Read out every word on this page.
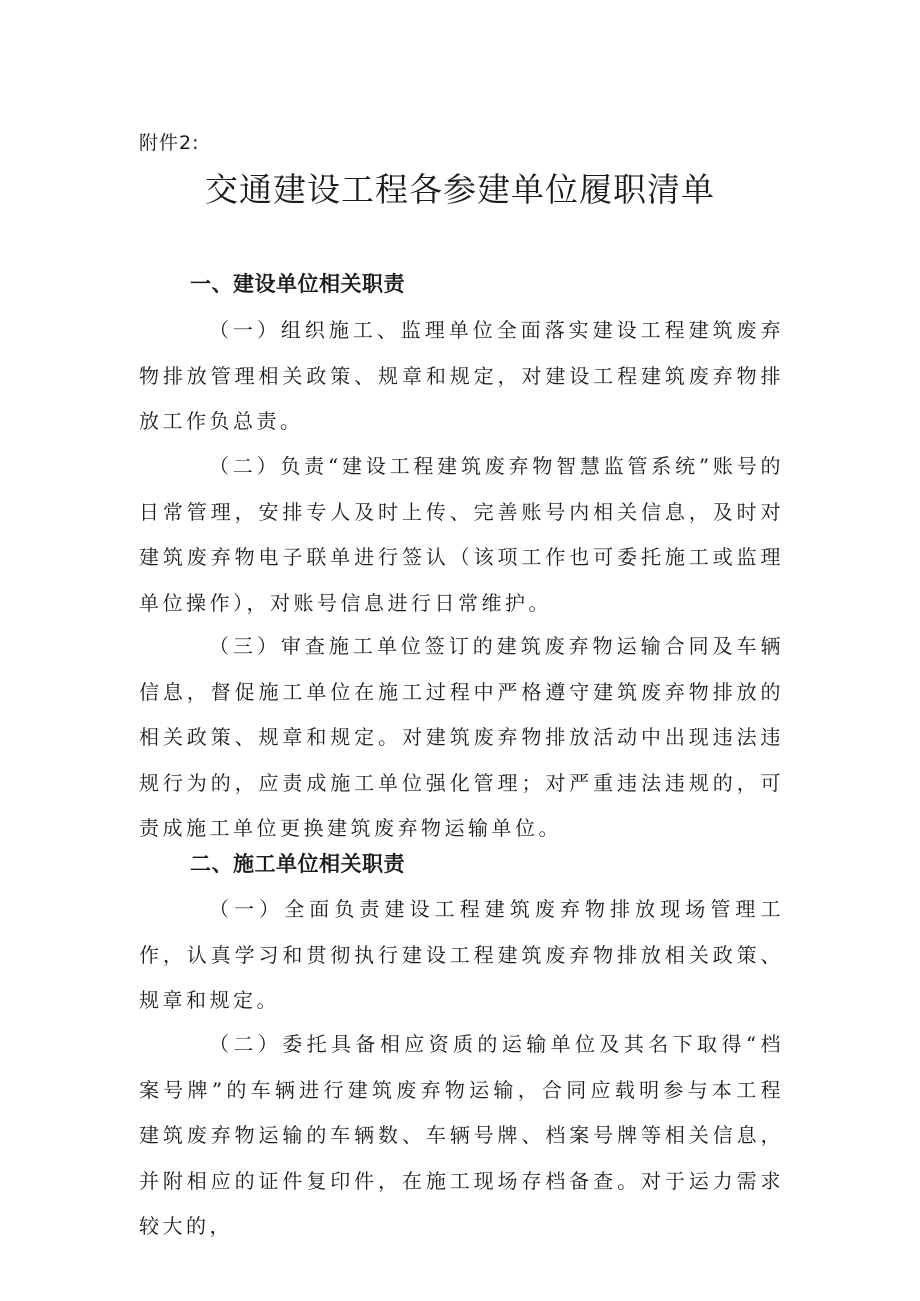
附件2:
交通建设工程各参建单位履职清单
一、建设单位相关职责
（一）组织施工、监理单位全面落实建设工程建筑废弃物排放管理相关政策、规章和规定，对建设工程建筑废弃物排放工作负总责。
（二）负责“建设工程建筑废弃物智慧监管系统”账号的日常管理，安排专人及时上传、完善账号内相关信息，及时对建筑废弃物电子联单进行签认（该项工作也可委托施工或监理单位操作），对账号信息进行日常维护。
（三）审查施工单位签订的建筑废弃物运输合同及车辆信息，督促施工单位在施工过程中严格遵守建筑废弃物排放的相关政策、规章和规定。对建筑废弃物排放活动中出现违法违规行为的，应责成施工单位强化管理；对严重违法违规的，可责成施工单位更换建筑废弃物运输单位。
二、施工单位相关职责
（一）全面负责建设工程建筑废弃物排放现场管理工作，认真学习和贯彻执行建设工程建筑废弃物排放相关政策、规章和规定。
（二）委托具备相应资质的运输单位及其名下取得“档案号牌”的车辆进行建筑废弃物运输，合同应载明参与本工程建筑废弃物运输的车辆数、车辆号牌、档案号牌等相关信息，并附相应的证件复印件，在施工现场存档备查。对于运力需求较大的，
